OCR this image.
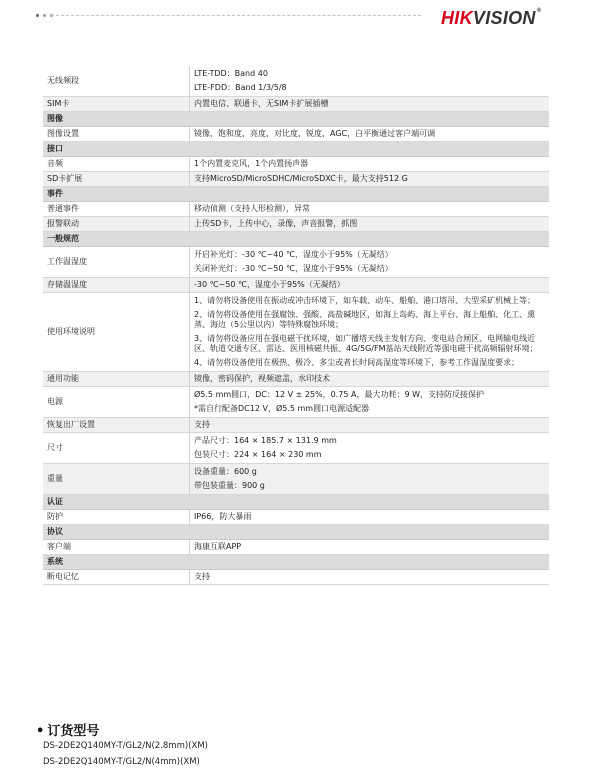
HIKVISION®
无线频段	LTE-TDD：Band 40
LTE-FDD：Band 1/3/5/8

SIM卡	内置电信、联通卡，无SIM卡扩展插槽

图像	
图像设置	镜像，饱和度，亮度，对比度，锐度，AGC，白平衡通过客户端可调

接口	
音频	1个内置麦克风，1个内置扬声器

SD卡扩展	支持MicroSD/MicroSDHC/MicroSDXC卡，最大支持512 G

事件	
普通事件	移动侦测（支持人形检测），异常

报警联动	上传SD卡，上传中心，录像，声音报警，抓图

一般规范	
工作温湿度	开启补光灯：-30 ℃~40 ℃，湿度小于95%（无凝结）
关闭补光灯：-30 ℃~50 ℃，湿度小于95%（无凝结）

存储温湿度	-30 ℃~50 ℃，湿度小于95%（无凝结）

使用环境说明	1、请勿将设备使用在振动或冲击环境下，如车载、动车、船舶、港口塔吊、大型采矿机械上等；
2、请勿将设备使用在强腐蚀、强酸、高盐碱地区，如海上岛屿、海上平台、海上船舶、化工、熏蒸、海边（5公里以内）等特殊腐蚀环境；
3、请勿将设备应用在强电磁干扰环境，如广播塔天线主发射方向、变电站合闸区、电网输电线近区、轨道交通专区、雷达、医用核磁共振、4G/5G/FM基站天线附近等强电磁干扰高频辐射环境；
4、请勿将设备使用在极热、极冷、多尘或者长时间高湿度等环境下，参考工作温湿度要求；

通用功能	镜像，密码保护，视频遮盖，水印技术

电源	Ø5.5 mm圆口，DC：12 V ± 25%，0.75 A，最大功耗：9 W，支持防反接保护
*需自行配备DC12 V，Ø5.5 mm圆口电源适配器

恢复出厂设置	支持

尺寸	产品尺寸：164 × 185.7 × 131.9 mm
包装尺寸：224 × 164 × 230 mm

重量	设备重量：600 g
带包装重量：900 g

认证	
防护	IP66，防大暴雨

协议	
客户端	海康互联APP

系统	
断电记忆	支持
• 订货型号
DS-2DE2Q140MY-T/GL2/N(2.8mm)(XM)
DS-2DE2Q140MY-T/GL2/N(4mm)(XM)
